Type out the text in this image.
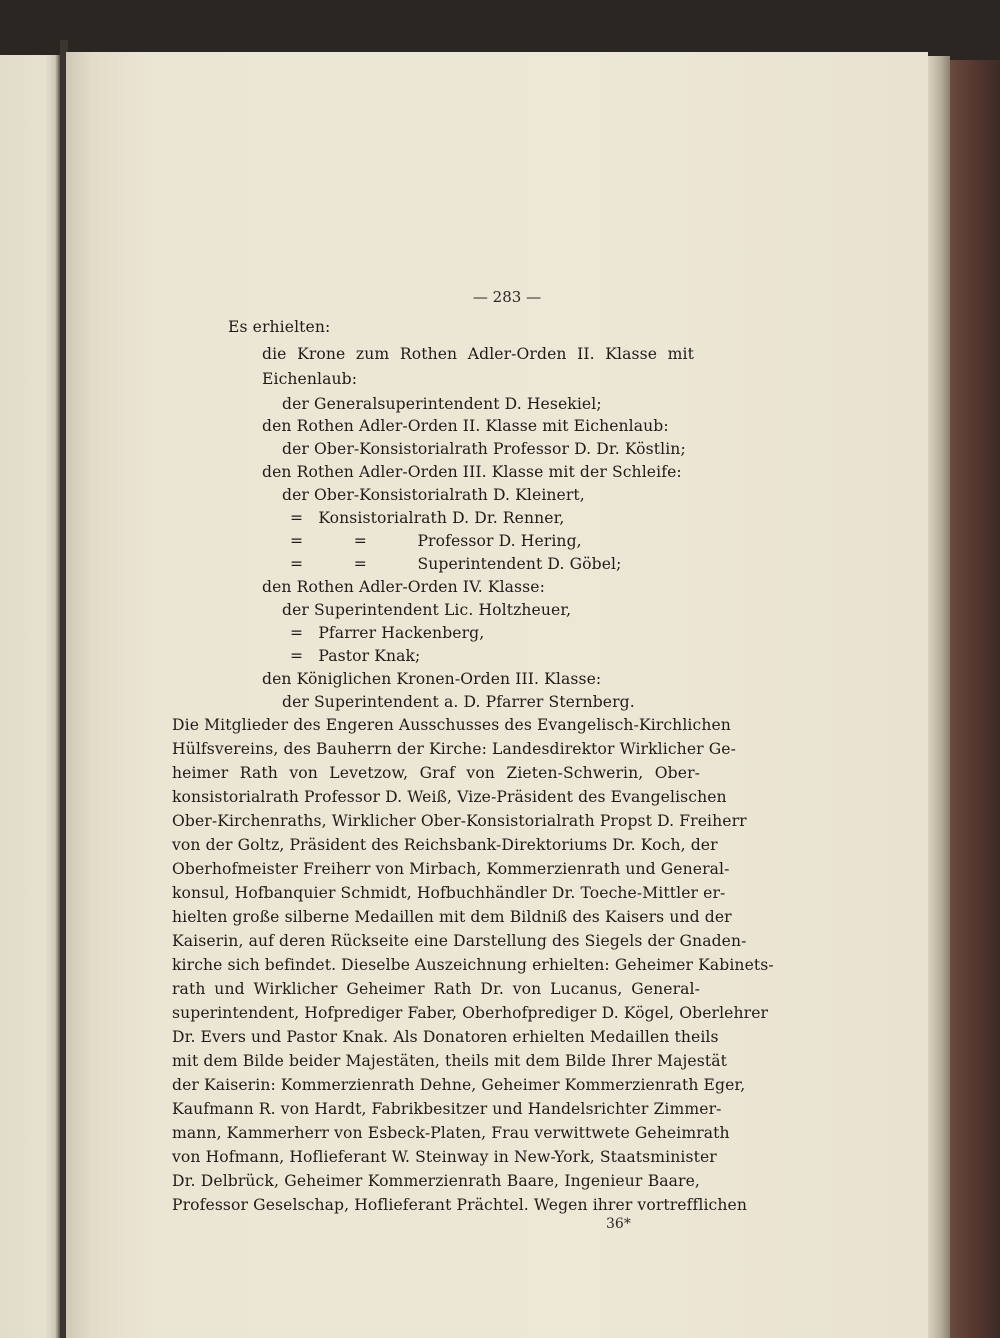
— 283 —
Es erhielten:
die Krone zum Rothen Adler-Orden II. Klasse mit
Eichenlaub:
der Generalsuperintendent D. Hesekiel;
den Rothen Adler-Orden II. Klasse mit Eichenlaub:
der Ober-Konsistorialrath Professor D. Dr. Köstlin;
den Rothen Adler-Orden III. Klasse mit der Schleife:
der Ober-Konsistorialrath D. Kleinert,
=   Konsistorialrath D. Dr. Renner,
=          =          Professor D. Hering,
=          =          Superintendent D. Göbel;
den Rothen Adler-Orden IV. Klasse:
der Superintendent Lic. Holtzheuer,
=   Pfarrer Hackenberg,
=   Pastor Knak;
den Königlichen Kronen-Orden III. Klasse:
der Superintendent a. D. Pfarrer Sternberg.
Die Mitglieder des Engeren Ausschusses des Evangelisch-Kirchlichen
Hülfsvereins, des Bauherrn der Kirche: Landesdirektor Wirklicher Ge-
heimer Rath von Levetzow, Graf von Zieten-Schwerin, Ober-
konsistorialrath Professor D. Weiß, Vize-Präsident des Evangelischen
Ober-Kirchenraths, Wirklicher Ober-Konsistorialrath Propst D. Freiherr
von der Goltz, Präsident des Reichsbank-Direktoriums Dr. Koch, der
Oberhofmeister Freiherr von Mirbach, Kommerzienrath und General-
konsul, Hofbanquier Schmidt, Hofbuchhändler Dr. Toeche-Mittler er-
hielten große silberne Medaillen mit dem Bildniß des Kaisers und der
Kaiserin, auf deren Rückseite eine Darstellung des Siegels der Gnaden-
kirche sich befindet. Dieselbe Auszeichnung erhielten: Geheimer Kabinets-
rath und Wirklicher Geheimer Rath Dr. von Lucanus, General-
superintendent, Hofprediger Faber, Oberhofprediger D. Kögel, Oberlehrer
Dr. Evers und Pastor Knak. Als Donatoren erhielten Medaillen theils
mit dem Bilde beider Majestäten, theils mit dem Bilde Ihrer Majestät
der Kaiserin: Kommerzienrath Dehne, Geheimer Kommerzienrath Eger,
Kaufmann R. von Hardt, Fabrikbesitzer und Handelsrichter Zimmer-
mann, Kammerherr von Esbeck-Platen, Frau verwittwete Geheimrath
von Hofmann, Hoflieferant W. Steinway in New-York, Staatsminister
Dr. Delbrück, Geheimer Kommerzienrath Baare, Ingenieur Baare,
Professor Geselschap, Hoflieferant Prächtel. Wegen ihrer vortrefflichen
36*
